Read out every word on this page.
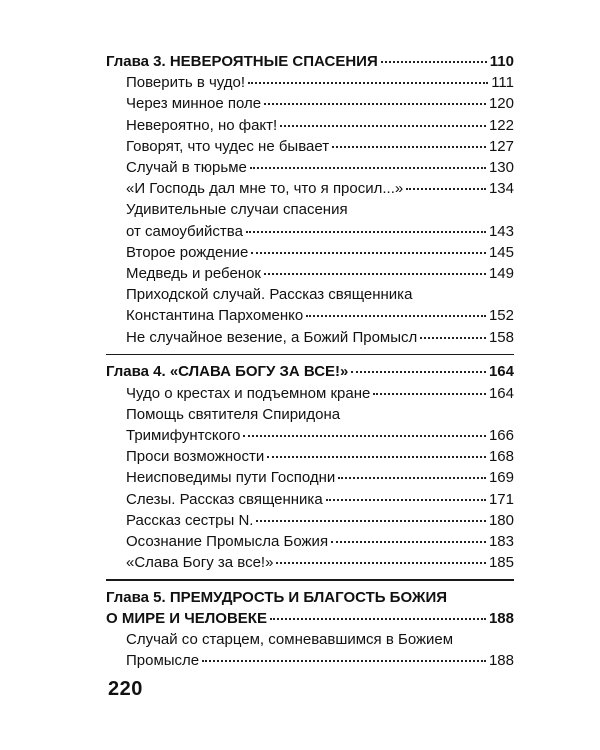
Глава 3. НЕВЕРОЯТНЫЕ СПАСЕНИЯ	110
Поверить в чудо!	111
Через минное поле	120
Невероятно, но факт!	122
Говорят, что чудес не бывает	127
Случай в тюрьме	130
«И Господь дал мне то, что я просил...»	134
Удивительные случаи спасения
от самоубийства	143
Второе рождение	145
Медведь и ребенок	149
Приходской случай. Рассказ священника
Константина Пархоменко	152
Не случайное везение, а Божий Промысл	158
Глава 4. «СЛАВА БОГУ ЗА ВСЕ!»	164
Чудо о крестах и подъемном кране	164
Помощь святителя Спиридона
Тримифунтского	166
Проси возможности	168
Неисповедимы пути Господни	169
Слезы. Рассказ священника	171
Рассказ сестры N.	180
Осознание Промысла Божия	183
«Слава Богу за все!»	185
Глава 5. ПРЕМУДРОСТЬ И БЛАГОСТЬ БОЖИЯ
О МИРЕ И ЧЕЛОВЕКЕ	188
Случай со старцем, сомневавшимся в Божием
Промысле	188
220
